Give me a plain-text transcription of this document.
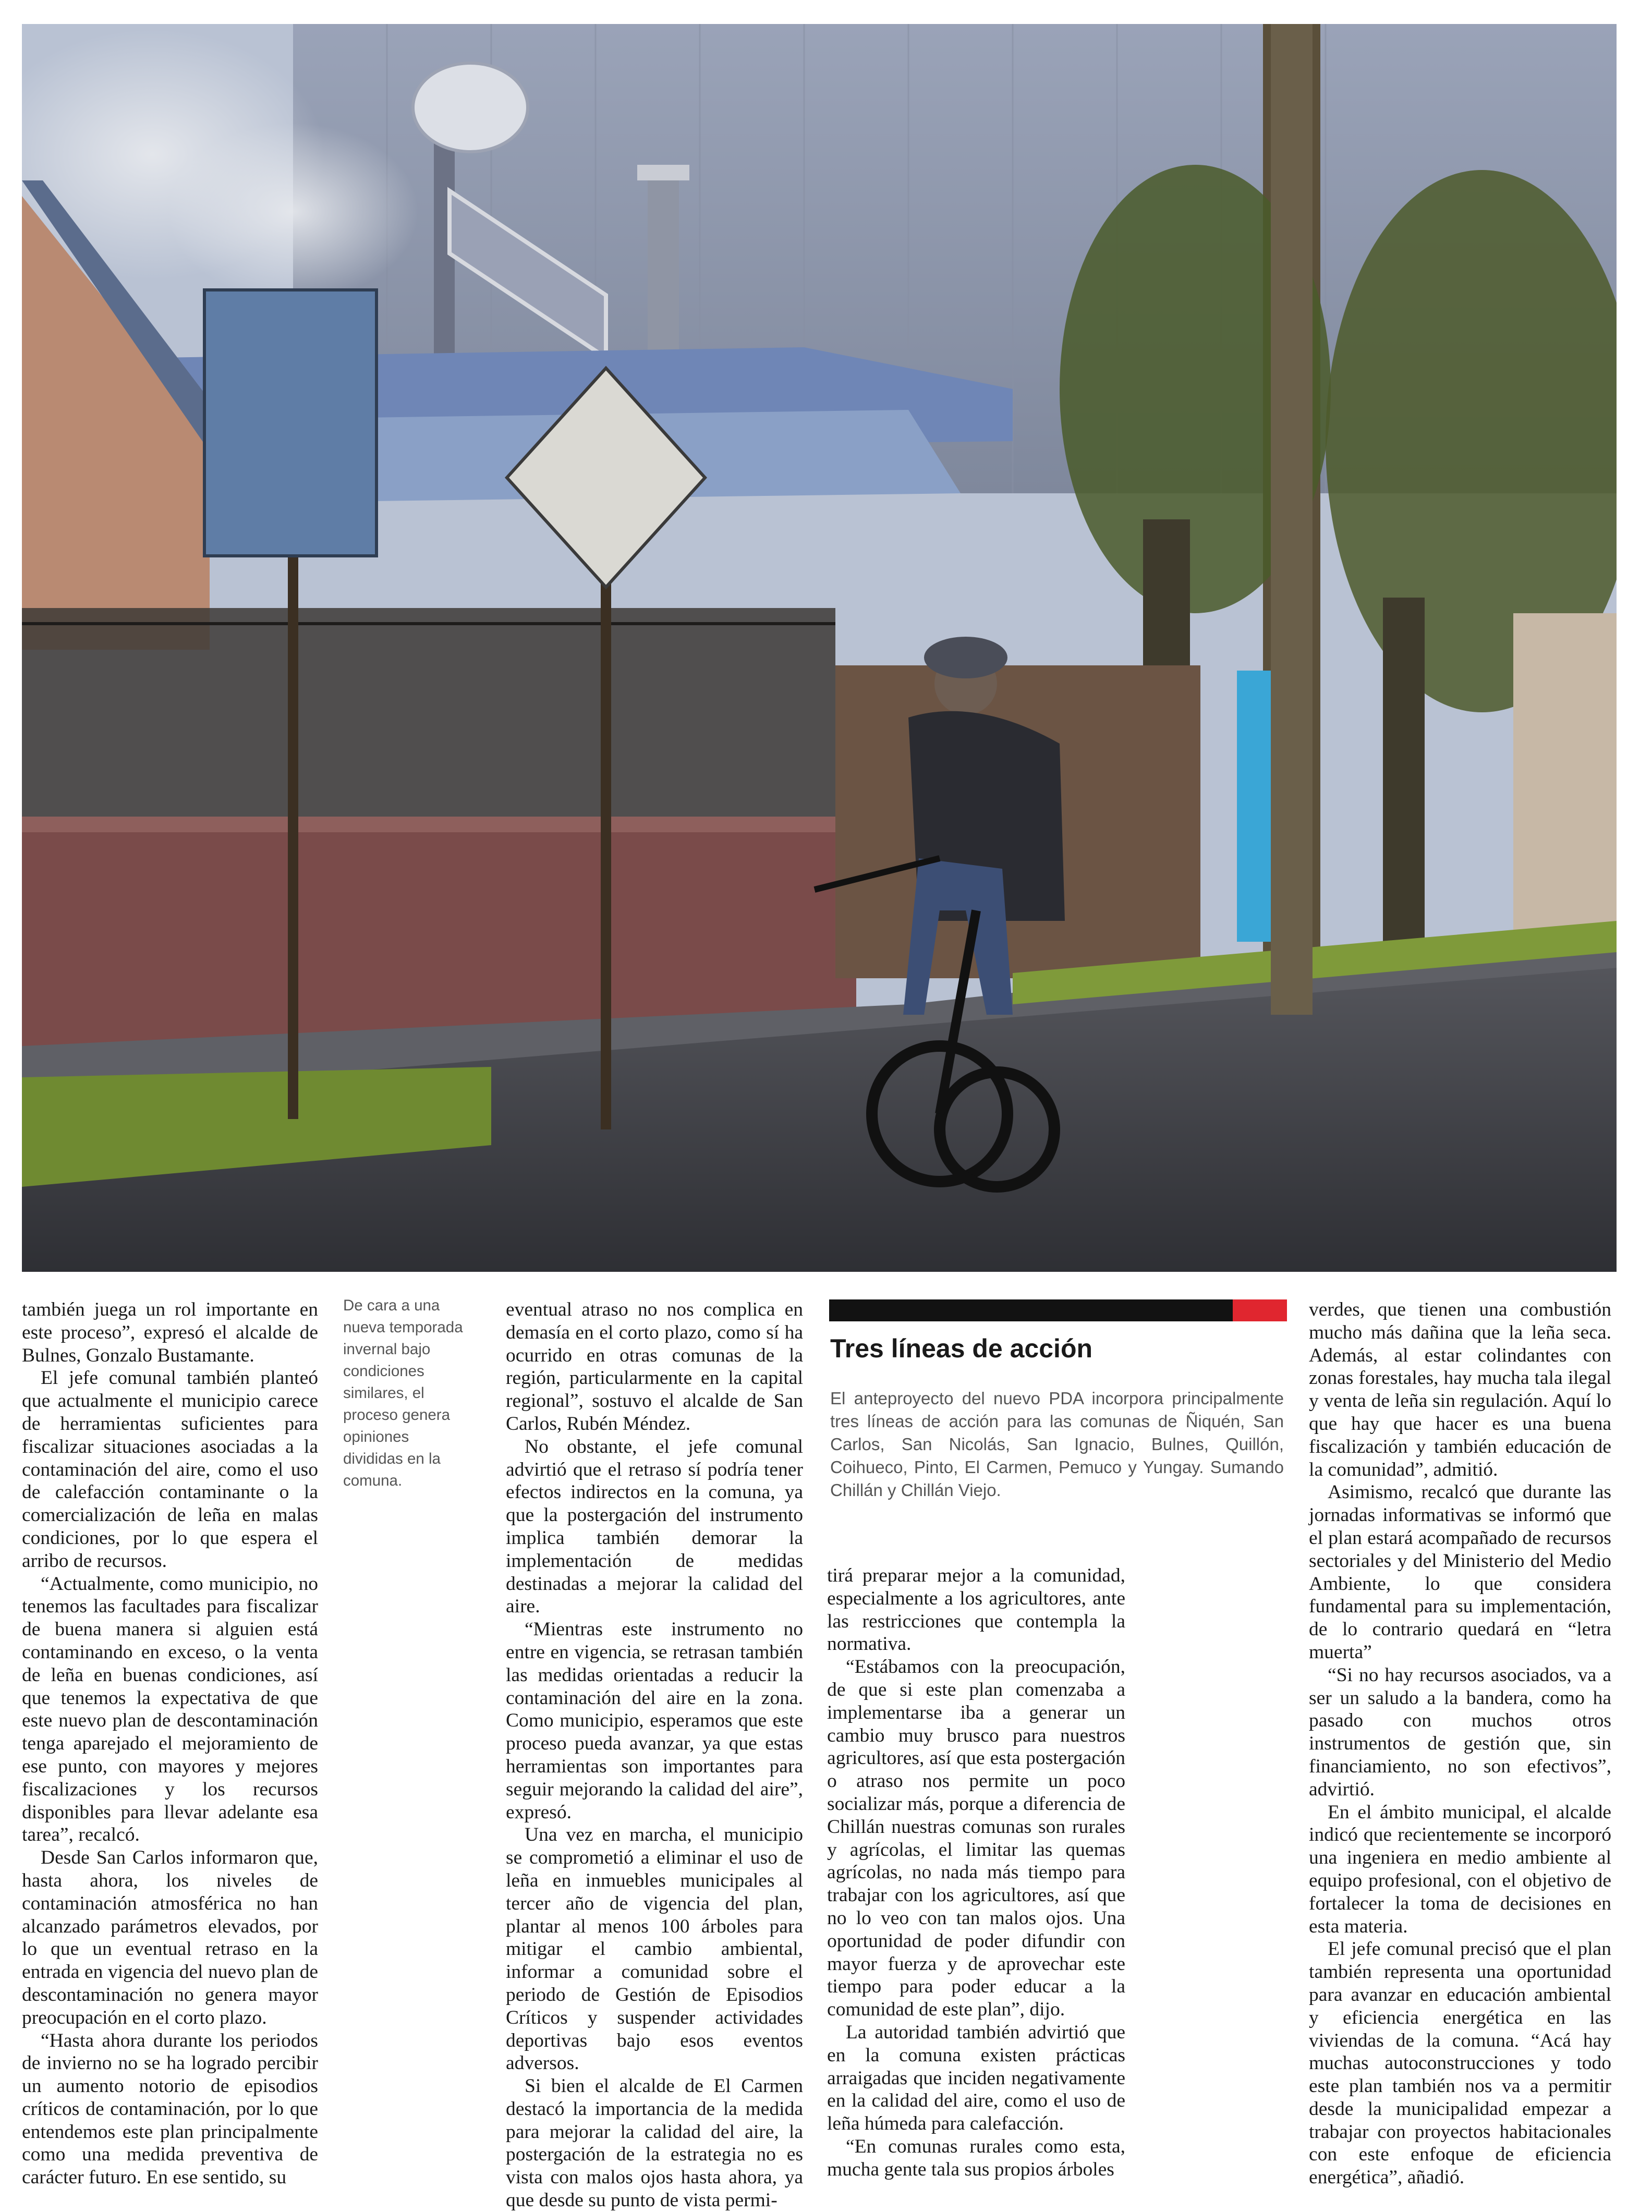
también juega un rol importante en este proceso”, expresó el alcalde de Bulnes, Gonzalo Bustamante.

El jefe comunal también planteó que actualmente el municipio carece de herramientas suficientes para fiscalizar situaciones asociadas a la contaminación del aire, como el uso de calefacción contaminante o la comercialización de leña en malas condiciones, por lo que espera el arribo de recursos.

“Actualmente, como municipio, no tenemos las facultades para fiscalizar de buena manera si alguien está contaminando en exceso, o la venta de leña en buenas condiciones, así que tenemos la expectativa de que este nuevo plan de descontaminación tenga aparejado el mejoramiento de ese punto, con mayores y mejores fiscalizaciones y los recursos disponibles para llevar adelante esa tarea”, recalcó.

Desde San Carlos informaron que, hasta ahora, los niveles de contaminación atmosférica no han alcanzado parámetros elevados, por lo que un eventual retraso en la entrada en vigencia del nuevo plan de descontaminación no genera mayor preocupación en el corto plazo.

“Hasta ahora durante los periodos de invierno no se ha logrado percibir un aumento notorio de episodios críticos de contaminación, por lo que entendemos este plan principalmente como una medida preventiva de carácter futuro. En ese sentido, su

De cara a una nueva temporada invernal bajo condiciones similares, el proceso genera opiniones divididas en la comuna.

eventual atraso no nos complica en demasía en el corto plazo, como sí ha ocurrido en otras comunas de la región, particularmente en la capital regional”, sostuvo el alcalde de San Carlos, Rubén Méndez.

No obstante, el jefe comunal advirtió que el retraso sí podría tener efectos indirectos en la comuna, ya que la postergación del instrumento implica también demorar la implementación de medidas destinadas a mejorar la calidad del aire.

“Mientras este instrumento no entre en vigencia, se retrasan también las medidas orientadas a reducir la contaminación del aire en la zona. Como municipio, esperamos que este proceso pueda avanzar, ya que estas herramientas son importantes para seguir mejorando la calidad del aire”, expresó.

Una vez en marcha, el municipio se comprometió a eliminar el uso de leña en inmuebles municipales al tercer año de vigencia del plan, plantar al menos 100 árboles para mitigar el cambio ambiental, informar a comunidad sobre el periodo de Gestión de Episodios Críticos y suspender actividades deportivas bajo esos eventos adversos.

Si bien el alcalde de El Carmen destacó la importancia de la medida para mejorar la calidad del aire, la postergación de la estrategia no es vista con malos ojos hasta ahora, ya que desde su punto de vista permi-

Tres líneas de acción
El anteproyecto del nuevo PDA incorpora principalmente tres líneas de acción para las comunas de Ñiquén, San Carlos, San Nicolás, San Ignacio, Bulnes, Quillón, Coihueco, Pinto, El Carmen, Pemuco y Yungay. Sumando Chillán y Chillán Viejo.

tirá preparar mejor a la comunidad, especialmente a los agricultores, ante las restricciones que contempla la normativa.

“Estábamos con la preocupación, de que si este plan comenzaba a implementarse iba a generar un cambio muy brusco para nuestros agricultores, así que esta postergación o atraso nos permite un poco socializar más, porque a diferencia de Chillán nuestras comunas son rurales y agrícolas, el limitar las quemas agrícolas, no nada más tiempo para trabajar con los agricultores, así que no lo veo con tan malos ojos. Una oportunidad de poder difundir con mayor fuerza y de aprovechar este tiempo para poder educar a la comunidad de este plan”, dijo.

La autoridad también advirtió que en la comuna existen prácticas arraigadas que inciden negativamente en la calidad del aire, como el uso de leña húmeda para calefacción.

“En comunas rurales como esta, mucha gente tala sus propios árboles

verdes, que tienen una combustión mucho más dañina que la leña seca. Además, al estar colindantes con zonas forestales, hay mucha tala ilegal y venta de leña sin regulación. Aquí lo que hay que hacer es una buena fiscalización y también educación de la comunidad”, admitió.

Asimismo, recalcó que durante las jornadas informativas se informó que el plan estará acompañado de recursos sectoriales y del Ministerio del Medio Ambiente, lo que considera fundamental para su implementación, de lo contrario quedará en “letra muerta”

“Si no hay recursos asociados, va a ser un saludo a la bandera, como ha pasado con muchos otros instrumentos de gestión que, sin financiamiento, no son efectivos”, advirtió.

En el ámbito municipal, el alcalde indicó que recientemente se incorporó una ingeniera en medio ambiente al equipo profesional, con el objetivo de fortalecer la toma de decisiones en esta materia.

El jefe comunal precisó que el plan también representa una oportunidad para avanzar en educación ambiental y eficiencia energética en las viviendas de la comuna. “Acá hay muchas autoconstrucciones y todo este plan también nos va a permitir desde la municipalidad empezar a trabajar con proyectos habitacionales con este enfoque de eficiencia energética”, añadió.
